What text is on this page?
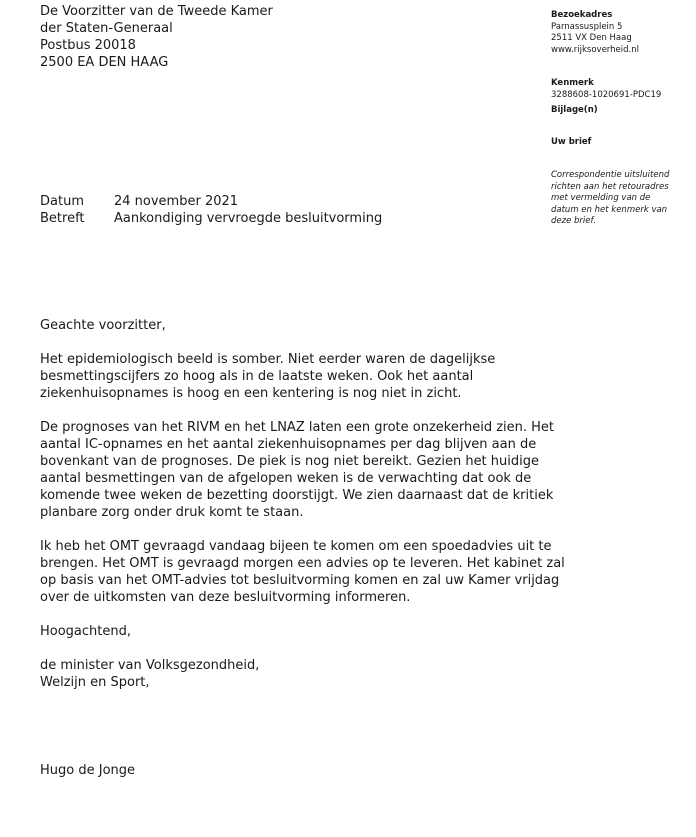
De Voorzitter van de Tweede Kamer
der Staten-Generaal
Postbus 20018
2500 EA DEN HAAG
Bezoekadres
Parnassusplein 5
2511 VX Den Haag
www.rijksoverheid.nl
Kenmerk
3288608-1020691-PDC19
Bijlage(n)
Uw brief
Correspondentie uitsluitend
richten aan het retouradres
met vermelding van de
datum en het kenmerk van
deze brief.
Datum	24 november 2021
Betreft	Aankondiging vervroegde besluitvorming

Geachte voorzitter,

Het epidemiologisch beeld is somber. Niet eerder waren de dagelijkse
besmettingscijfers zo hoog als in de laatste weken. Ook het aantal
ziekenhuisopnames is hoog en een kentering is nog niet in zicht.

De prognoses van het RIVM en het LNAZ laten een grote onzekerheid zien. Het
aantal IC-opnames en het aantal ziekenhuisopnames per dag blijven aan de
bovenkant van de prognoses. De piek is nog niet bereikt. Gezien het huidige
aantal besmettingen van de afgelopen weken is de verwachting dat ook de
komende twee weken de bezetting doorstijgt. We zien daarnaast dat de kritiek
planbare zorg onder druk komt te staan.

Ik heb het OMT gevraagd vandaag bijeen te komen om een spoedadvies uit te
brengen. Het OMT is gevraagd morgen een advies op te leveren. Het kabinet zal
op basis van het OMT-advies tot besluitvorming komen en zal uw Kamer vrijdag
over de uitkomsten van deze besluitvorming informeren.

Hoogachtend,

de minister van Volksgezondheid,
Welzijn en Sport,

Hugo de Jonge
